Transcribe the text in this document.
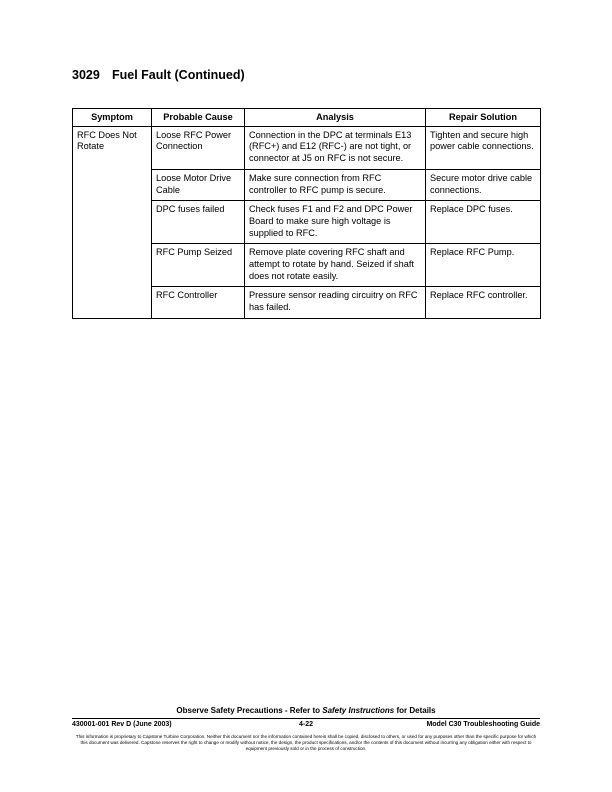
3029 Fuel Fault (Continued)
Symptom	Probable Cause	Analysis	Repair Solution
RFC Does Not Rotate	Loose RFC Power Connection	Connection in the DPC at terminals E13 (RFC+) and E12 (RFC-) are not tight, or connector at J5 on RFC is not secure.	Tighten and secure high power cable connections.
	Loose Motor Drive Cable	Make sure connection from RFC controller to RFC pump is secure.	Secure motor drive cable connections.
	DPC fuses failed	Check fuses F1 and F2 and DPC Power Board to make sure high voltage is supplied to RFC.	Replace DPC fuses.
	RFC Pump Seized	Remove plate covering RFC shaft and attempt to rotate by hand. Seized if shaft does not rotate easily.	Replace RFC Pump.
	RFC Controller	Pressure sensor reading circuitry on RFC has failed.	Replace RFC controller.
Observe Safety Precautions - Refer to Safety Instructions for Details
430001-001 Rev D (June 2003)	4-22	Model C30 Troubleshooting Guide
This information is proprietary to Capstone Turbine Corporation. Neither this document nor the information contained herein shall be copied, disclosed to others, or used for any purposes other than the specific purpose for which this document was delivered. Capstone reserves the right to change or modify without notice, the design, the product specifications, and/or the contents of this document without incurring any obligation either with respect to equipment previously sold or in the process of construction.
